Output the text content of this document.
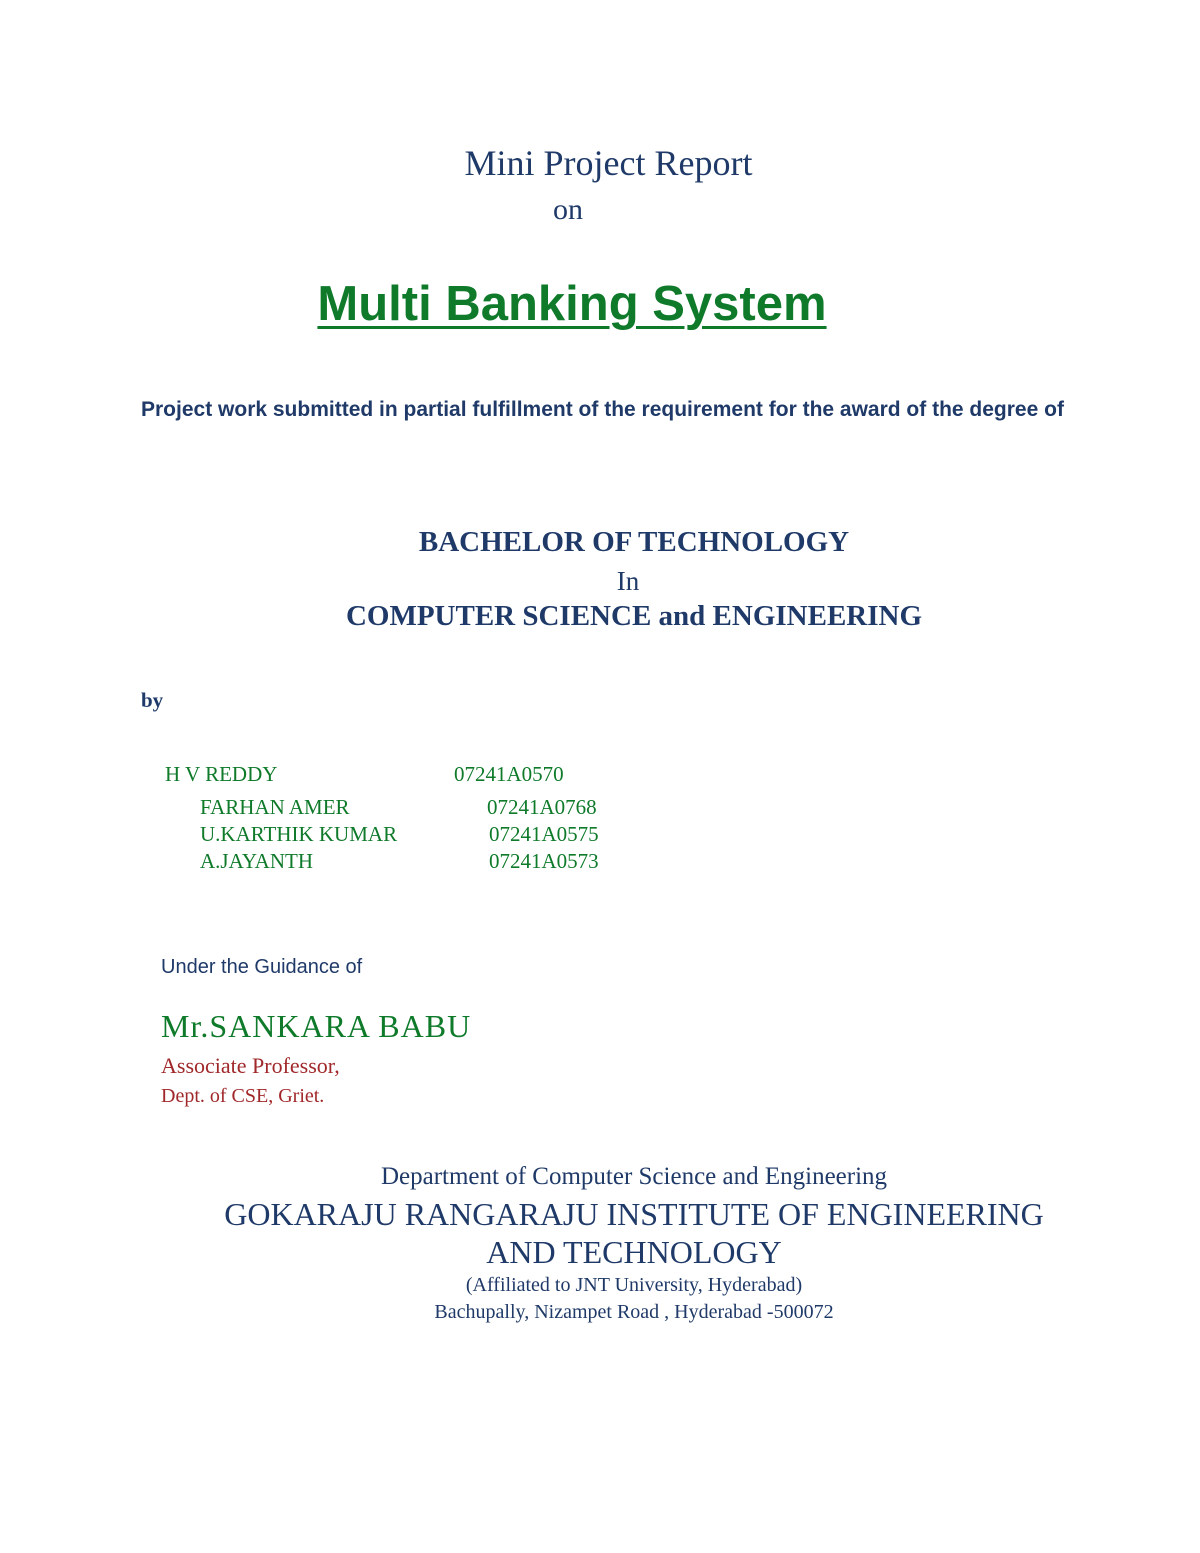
Mini Project Report
on
Multi Banking System
Project work submitted in partial fulfillment of the requirement for the award of the degree of
BACHELOR OF TECHNOLOGY
In
COMPUTER SCIENCE and ENGINEERING
by
H V REDDY	07241A0570
FARHAN AMER	07241A0768
U.KARTHIK KUMAR	07241A0575
A.JAYANTH	07241A0573
Under the Guidance of
Mr.SANKARA BABU
Associate Professor,
Dept. of CSE, Griet.
Department of Computer Science and Engineering
GOKARAJU RANGARAJU INSTITUTE OF ENGINEERING
AND TECHNOLOGY
(Affiliated to JNT University, Hyderabad)
Bachupally, Nizampet Road , Hyderabad -500072
